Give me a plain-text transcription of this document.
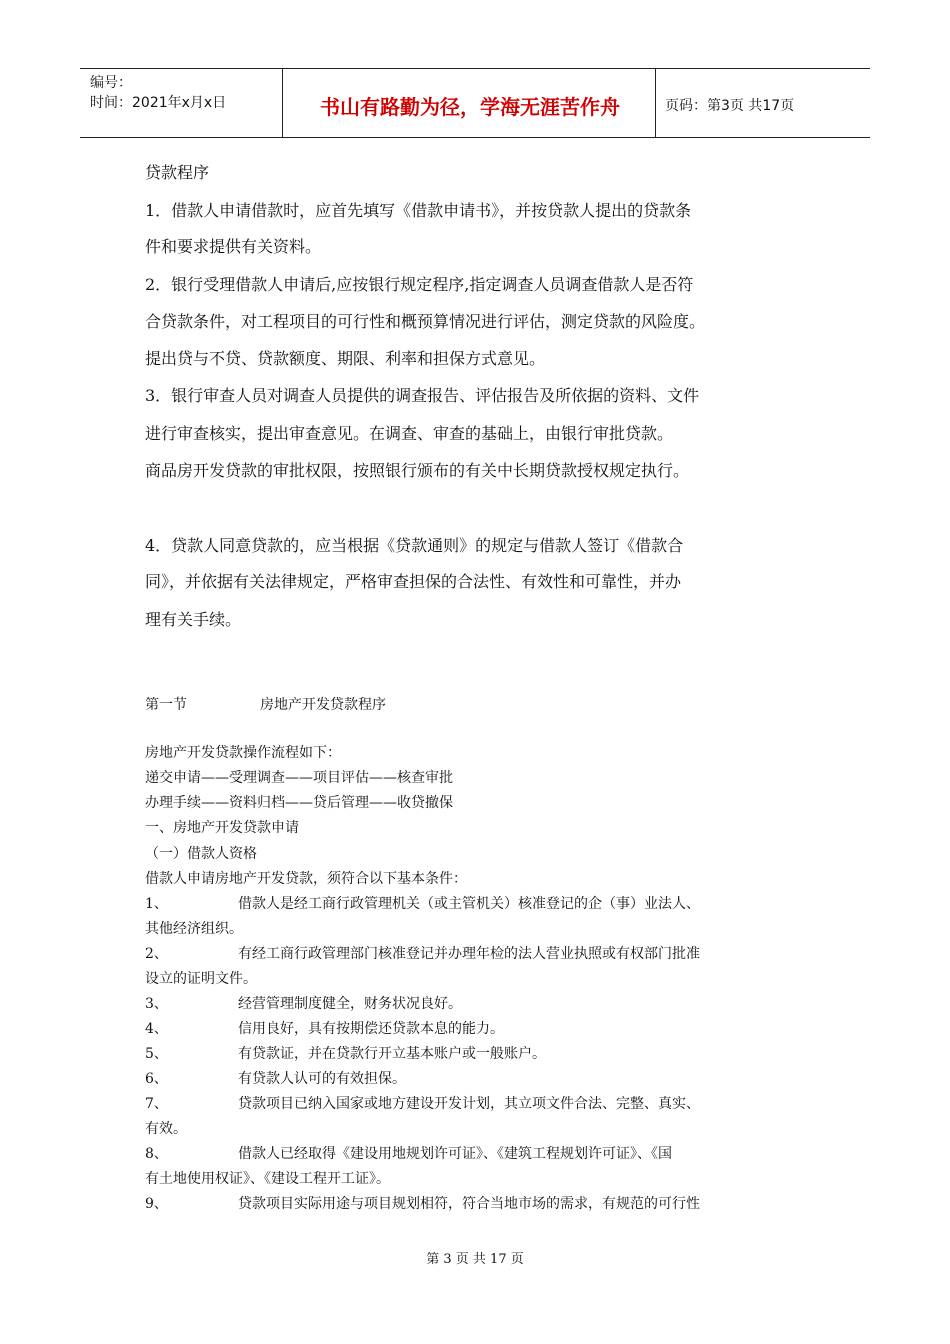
编号：
时间：2021年x月x日	书山有路勤为径，学海无涯苦作舟	页码：第3页 共17页
贷款程序
1．借款人申请借款时，应首先填写《借款申请书》，并按贷款人提出的贷款条
件和要求提供有关资料。
2．银行受理借款人申请后,应按银行规定程序,指定调查人员调查借款人是否符
合贷款条件，对工程项目的可行性和概预算情况进行评估，测定贷款的风险度。
提出贷与不贷、贷款额度、期限、利率和担保方式意见。
3．银行审查人员对调查人员提供的调查报告、评估报告及所依据的资料、文件
进行审查核实，提出审查意见。在调查、审查的基础上，由银行审批贷款。
商品房开发贷款的审批权限，按照银行颁布的有关中长期贷款授权规定执行。
4．贷款人同意贷款的，应当根据《贷款通则》的规定与借款人签订《借款合
同》，并依据有关法律规定，严格审查担保的合法性、有效性和可靠性，并办
理有关手续。
第一节	房地产开发贷款程序
房地产开发贷款操作流程如下：
递交申请——受理调查——项目评估——核查审批
办理手续——资料归档——贷后管理——收贷撤保
一、房地产开发贷款申请
（一）借款人资格
借款人申请房地产开发贷款，须符合以下基本条件：
1、	借款人是经工商行政管理机关（或主管机关）核准登记的企（事）业法人、
其他经济组织。
2、	有经工商行政管理部门核准登记并办理年检的法人营业执照或有权部门批准
设立的证明文件。
3、	经营管理制度健全，财务状况良好。
4、	信用良好，具有按期偿还贷款本息的能力。
5、	有贷款证，并在贷款行开立基本账户或一般账户。
6、	有贷款人认可的有效担保。
7、	贷款项目已纳入国家或地方建设开发计划，其立项文件合法、完整、真实、
有效。
8、	借款人已经取得《建设用地规划许可证》、《建筑工程规划许可证》、《国
有土地使用权证》、《建设工程开工证》。
9、	贷款项目实际用途与项目规划相符，符合当地市场的需求，有规范的可行性
第 3 页 共 17 页
